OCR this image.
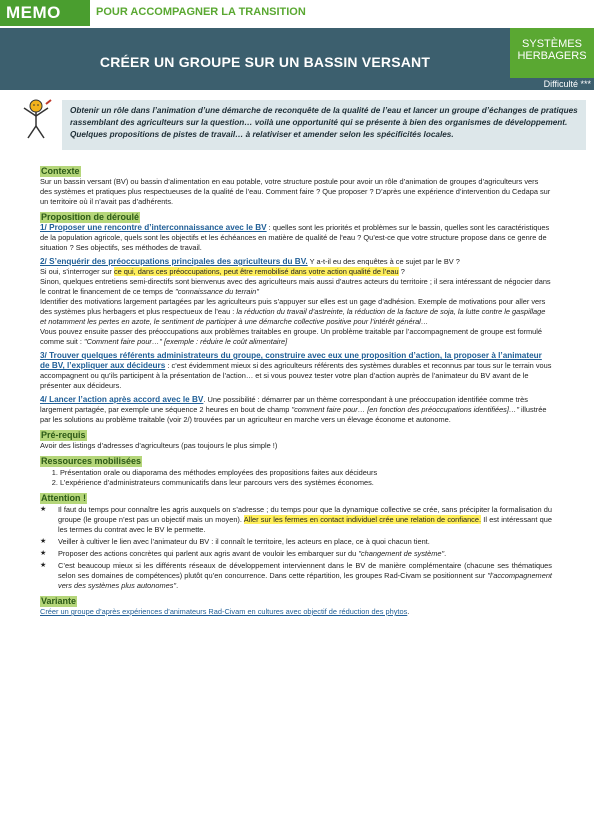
MEMO	POUR ACCOMPAGNER LA TRANSITION
CRÉER UN GROUPE SUR UN BASSIN VERSANT
SYSTÈMES
HERBAGERS
Difficulté ***
Obtenir un rôle dans l’animation d’une démarche de reconquête de la qualité de l’eau et lancer un groupe d’échanges de pratiques rassemblant des agriculteurs sur la question… voilà une opportunité qui se présente à bien des organismes de développement. Quelques propositions de pistes de travail… à relativiser et amender selon les spécificités locales.
Contexte

Sur un bassin versant (BV) ou bassin d’alimentation en eau potable, votre structure postule pour avoir un rôle d’animation de groupes d’agriculteurs vers des systèmes et pratiques plus respectueuses de la qualité de l’eau. Comment faire ? Que proposer ? D’après une expérience d’intervention du Cedapa sur un territoire où il n’avait pas d’adhérents.

Proposition de déroulé

1/ Proposer une rencontre d’interconnaissance avec le BV : quelles sont les priorités et problèmes sur le bassin, quelles sont les caractéristiques de la population agricole, quels sont les objectifs et les échéances en matière de qualité de l’eau ? Qu’est-ce que votre structure propose dans ce genre de situation ? Ses objectifs, ses méthodes de travail.

2/ S’enquérir des préoccupations principales des agriculteurs du BV. Y a-t-il eu des enquêtes à ce sujet par le BV ?

Si oui, s’interroger sur ce qui, dans ces préoccupations, peut être remobilisé dans votre action qualité de l’eau ?

Sinon, quelques entretiens semi-directifs sont bienvenus avec des agriculteurs mais aussi d’autres acteurs du territoire ; il sera intéressant de négocier dans le contrat le financement de ce temps de "connaissance du terrain"

Identifier des motivations largement partagées par les agriculteurs puis s’appuyer sur elles est un gage d’adhésion. Exemple de motivations pour aller vers des systèmes plus herbagers et plus respectueux de l’eau : la réduction du travail d’astreinte, la réduction de la facture de soja, la lutte contre le gaspillage et notamment les pertes en azote, le sentiment de participer à une démarche collective positive pour l’intérêt général…

Vous pouvez ensuite passer des préoccupations aux problèmes traitables en groupe. Un problème traitable par l’accompagnement de groupe est formulé comme suit : "Comment faire pour…" [exemple : réduire le coût alimentaire]

3/ Trouver quelques référents administrateurs du groupe, construire avec eux une proposition d’action, la proposer à l’animateur de BV, l’expliquer aux décideurs : c’est évidemment mieux si des agriculteurs référents des systèmes durables et reconnus par tous sur le terrain vous accompagnent ou qu’ils participent à la présentation de l’action… et si vous pouvez tester votre plan d’action auprès de l’animateur du BV avant de le présenter aux décideurs.

4/ Lancer l’action après accord avec le BV. Une possibilité : démarrer par un thème correspondant à une préoccupation identifiée comme très largement partagée, par exemple une séquence 2 heures en bout de champ "comment faire pour… [en fonction des préoccupations identifiées]…" illustrée par les solutions au problème traitable (voir 2/) trouvées par un agriculteur en marche vers un élevage économe et autonome.

Pré-requis

Avoir des listings d’adresses d’agriculteurs (pas toujours le plus simple !)

Ressources mobilisées
1. Présentation orale ou diaporama des méthodes employées des propositions faites aux décideurs
2. L’expérience d’administrateurs communicatifs dans leur parcours vers des systèmes économes.
Attention !
★ Il faut du temps pour connaître les agris auxquels on s’adresse ; du temps pour que la dynamique collective se crée, sans précipiter la formalisation du groupe (le groupe n’est pas un objectif mais un moyen). Aller sur les fermes en contact individuel crée une relation de confiance. Il est intéressant que les termes du contrat avec le BV le permette.
★ Veiller à cultiver le lien avec l’animateur du BV : il connaît le territoire, les acteurs en place, ce à quoi chacun tient.
★ Proposer des actions concrètes qui parlent aux agris avant de vouloir les embarquer sur du "changement de système".
★ C’est beaucoup mieux si les différents réseaux de développement interviennent dans le BV de manière complémentaire (chacune ses thématiques selon ses domaines de compétences) plutôt qu’en concurrence. Dans cette répartition, les groupes Rad-Civam se positionnent sur "l’accompagnement vers des systèmes plus autonomes".
Variante

Créer un groupe d’après expériences d’animateurs Rad-Civam en cultures avec objectif de réduction des phytos.
